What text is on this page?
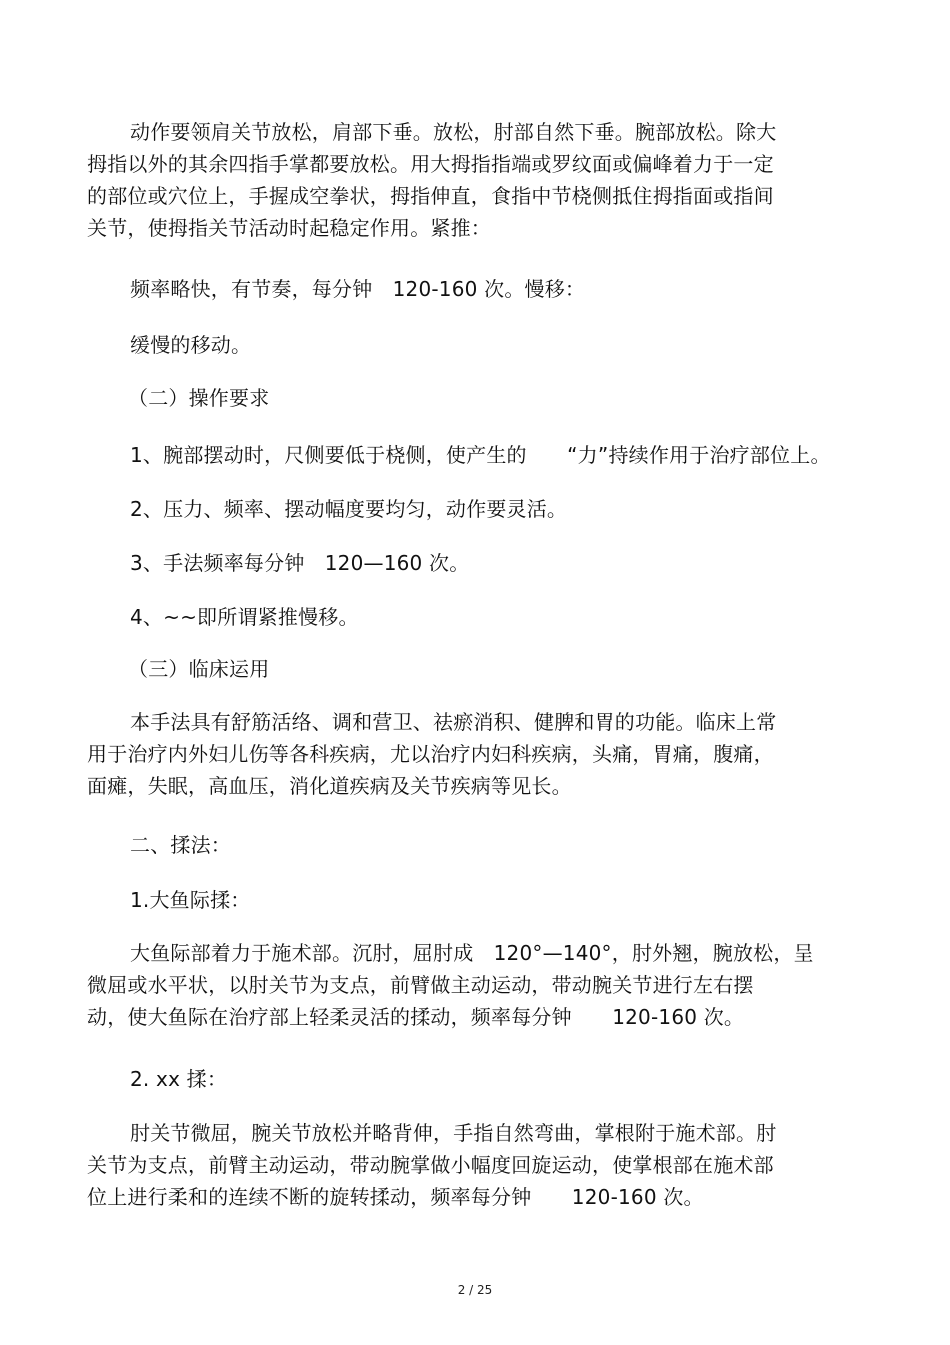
动作要领肩关节放松，肩部下垂。放松，肘部自然下垂。腕部放松。除大

拇指以外的其余四指手掌都要放松。用大拇指指端或罗纹面或偏峰着力于一定

的部位或穴位上，手握成空拳状，拇指伸直，食指中节桡侧抵住拇指面或指间

关节，使拇指关节活动时起稳定作用。紧推：

频率略快，有节奏，每分钟　120-160 次。慢移：

缓慢的移动。

（二）操作要求

1、腕部摆动时，尺侧要低于桡侧，使产生的　　“力”持续作用于治疗部位上。

2、压力、频率、摆动幅度要均匀，动作要灵活。

3、手法频率每分钟　120—160 次。

4、~~即所谓紧推慢移。

（三）临床运用

本手法具有舒筋活络、调和营卫、祛瘀消积、健脾和胃的功能。临床上常

用于治疗内外妇儿伤等各科疾病，尤以治疗内妇科疾病，头痛，胃痛，腹痛，

面瘫，失眠，高血压，消化道疾病及关节疾病等见长。

二、揉法：

1.大鱼际揉：

大鱼际部着力于施术部。沉肘，屈肘成　120°—140°，肘外翘，腕放松，呈

微屈或水平状，以肘关节为支点，前臂做主动运动，带动腕关节进行左右摆

动，使大鱼际在治疗部上轻柔灵活的揉动，频率每分钟　　120-160 次。

2. xx 揉：

肘关节微屈，腕关节放松并略背伸，手指自然弯曲，掌根附于施术部。肘

关节为支点，前臂主动运动，带动腕掌做小幅度回旋运动，使掌根部在施术部

位上进行柔和的连续不断的旋转揉动，频率每分钟　　120-160 次。

2 / 25
